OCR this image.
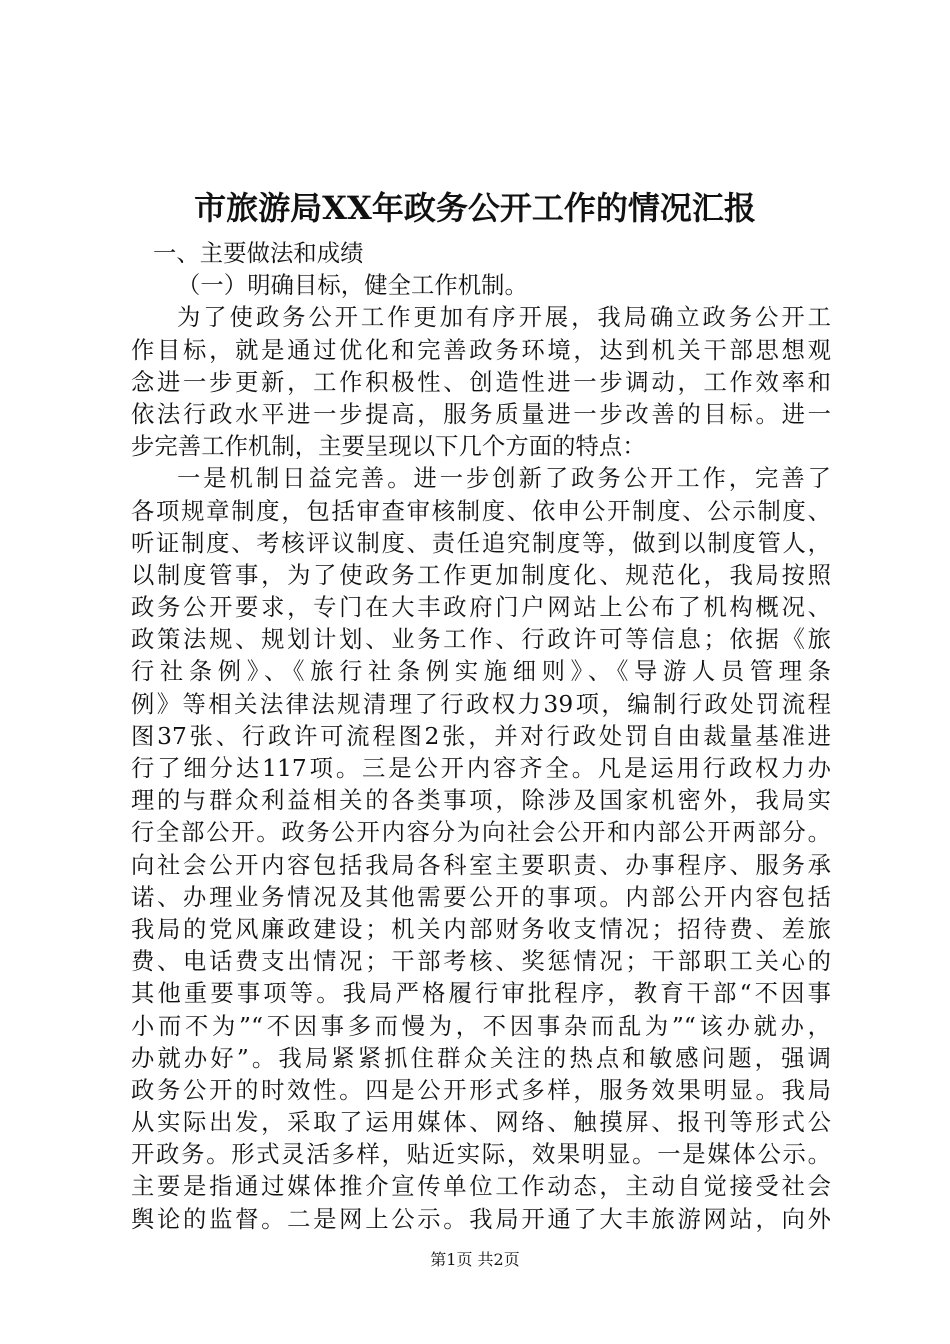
市旅游局XX年政务公开工作的情况汇报
一、主要做法和成绩
（一）明确目标，健全工作机制。
为了使政务公开工作更加有序开展，我局确立政务公开工
作目标，就是通过优化和完善政务环境，达到机关干部思想观
念进一步更新，工作积极性、创造性进一步调动，工作效率和
依法行政水平进一步提高，服务质量进一步改善的目标。进一
步完善工作机制，主要呈现以下几个方面的特点：
一是机制日益完善。进一步创新了政务公开工作，完善了
各项规章制度，包括审查审核制度、依申公开制度、公示制度、
听证制度、考核评议制度、责任追究制度等，做到以制度管人，
以制度管事，为了使政务工作更加制度化、规范化，我局按照
政务公开要求，专门在大丰政府门户网站上公布了机构概况、
政策法规、规划计划、业务工作、行政许可等信息；依据《旅
行社条例》、《旅行社条例实施细则》、《导游人员管理条
例》等相关法律法规清理了行政权力39项，编制行政处罚流程
图37张、行政许可流程图2张，并对行政处罚自由裁量基准进
行了细分达117项。三是公开内容齐全。凡是运用行政权力办
理的与群众利益相关的各类事项，除涉及国家机密外，我局实
行全部公开。政务公开内容分为向社会公开和内部公开两部分。
向社会公开内容包括我局各科室主要职责、办事程序、服务承
诺、办理业务情况及其他需要公开的事项。内部公开内容包括
我局的党风廉政建设；机关内部财务收支情况；招待费、差旅
费、电话费支出情况；干部考核、奖惩情况；干部职工关心的
其他重要事项等。我局严格履行审批程序，教育干部“不因事
小而不为”“不因事多而慢为，不因事杂而乱为”“该办就办，
办就办好”。我局紧紧抓住群众关注的热点和敏感问题，强调
政务公开的时效性。四是公开形式多样，服务效果明显。我局
从实际出发，采取了运用媒体、网络、触摸屏、报刊等形式公
开政务。形式灵活多样，贴近实际，效果明显。一是媒体公示。
主要是指通过媒体推介宣传单位工作动态，主动自觉接受社会
舆论的监督。二是网上公示。我局开通了大丰旅游网站，向外
第1页 共2页
